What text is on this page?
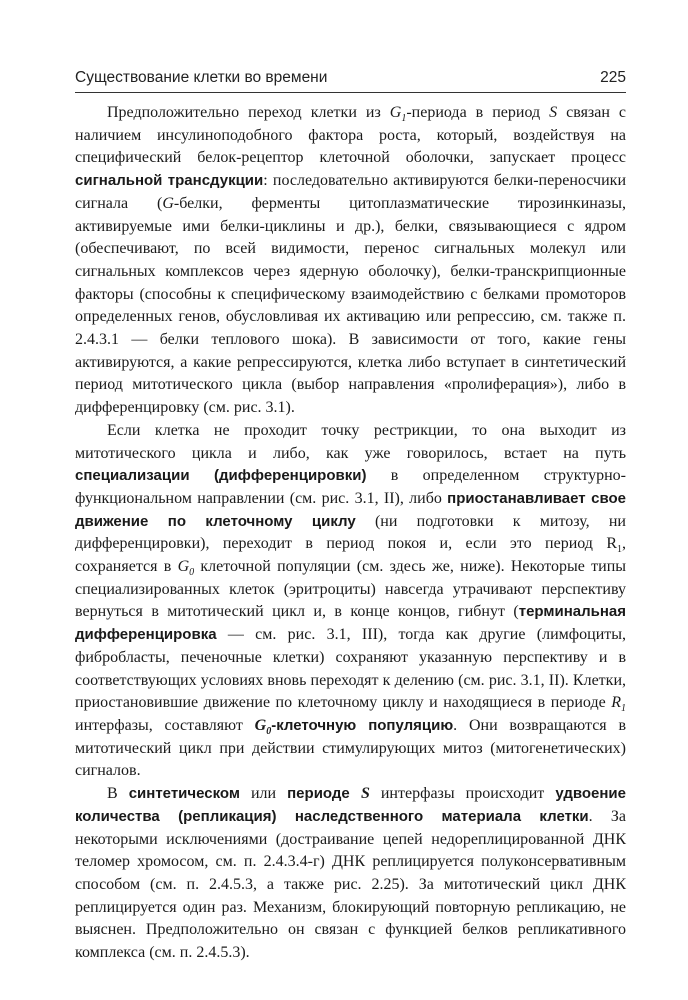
Существование клетки во времени	225

Предположительно переход клетки из $G_1$-периода в период S связан с наличием инсулиноподобного фактора роста, который, воздействуя на специфический белок-рецептор клеточной оболочки, запускает процесс сигнальной трансдукции: последовательно активируются белки-переносчики сигнала (G-белки, ферменты цитоплазматические тирозинкиназы, активируемые ими белки-циклины и др.), белки, связывающиеся с ядром (обеспечивают, по всей видимости, перенос сигнальных молекул или сигнальных комплексов через ядерную оболочку), белки-транскрипционные факторы (способны к специфическому взаимодействию с белками промоторов определенных генов, обусловливая их активацию или репрессию, см. также п. 2.4.3.1 — белки теплового шока). В зависимости от того, какие гены активируются, а какие репрессируются, клетка либо вступает в синтетический период митотического цикла (выбор направления «пролиферация»), либо в дифференцировку (см. рис. 3.1).

Если клетка не проходит точку рестрикции, то она выходит из митотического цикла и либо, как уже говорилось, встает на путь специализации (дифференцировки) в определенном структурно-функциональном направлении (см. рис. 3.1, II), либо приостанавливает свое движение по клеточному циклу (ни подготовки к митозу, ни дифференцировки), переходит в период покоя и, если это период $R_1$, сохраняется в $G_0$ клеточной популяции (см. здесь же, ниже). Некоторые типы специализированных клеток (эритроциты) навсегда утрачивают перспективу вернуться в митотический цикл и, в конце концов, гибнут (терминальная дифференцировка — см. рис. 3.1, III), тогда как другие (лимфоциты, фибробласты, печеночные клетки) сохраняют указанную перспективу и в соответствующих условиях вновь переходят к делению (см. рис. 3.1, II). Клетки, приостановившие движение по клеточному циклу и находящиеся в периоде $R_1$ интерфазы, составляют $G_0$-клеточную популяцию. Они возвращаются в митотический цикл при действии стимулирующих митоз (митогенетических) сигналов.

В синтетическом или периоде S интерфазы происходит удвоение количества (репликация) наследственного материала клетки. За некоторыми исключениями (достраивание цепей недореплицированной ДНК теломер хромосом, см. п. 2.4.3.4-г) ДНК реплицируется полуконсервативным способом (см. п. 2.4.5.3, а также рис. 2.25). За митотический цикл ДНК реплицируется один раз. Механизм, блокирующий повторную репликацию, не выяснен. Предположительно он связан с функцией белков репликативного комплекса (см. п. 2.4.5.3).
